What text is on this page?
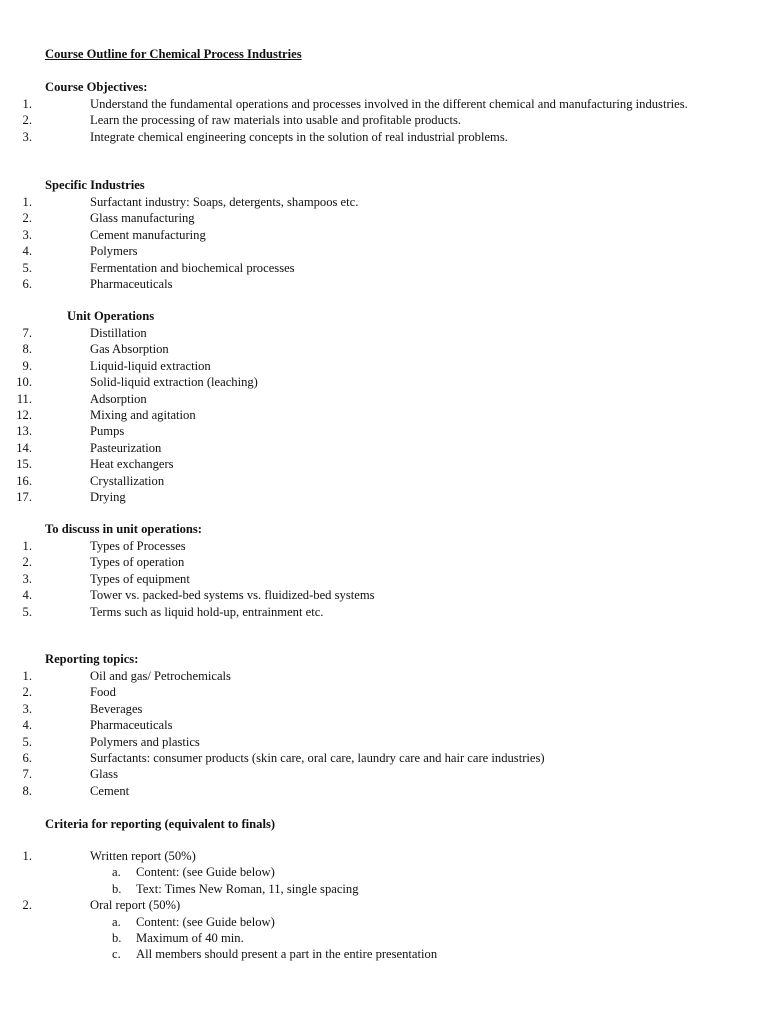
Course Outline for Chemical Process Industries
Course Objectives:
1.	Understand the fundamental operations and processes involved in the different chemical and manufacturing industries.
2.	Learn the processing of raw materials into usable and profitable products.
3.	Integrate chemical engineering concepts in the solution of real industrial problems.
Specific Industries
1.	Surfactant industry: Soaps, detergents, shampoos etc.
2.	Glass manufacturing
3.	Cement manufacturing
4.	Polymers
5.	Fermentation and biochemical processes
6.	Pharmaceuticals
Unit Operations
7.	Distillation
8.	Gas Absorption
9.	Liquid-liquid extraction
10.	Solid-liquid extraction (leaching)
11.	Adsorption
12.	Mixing and agitation
13.	Pumps
14.	Pasteurization
15.	Heat exchangers
16.	Crystallization
17.	Drying
To discuss in unit operations:
1.	Types of Processes
2.	Types of operation
3.	Types of equipment
4.	Tower vs. packed-bed systems vs. fluidized-bed systems
5.	Terms such as liquid hold-up, entrainment etc.
Reporting topics:
1.	Oil and gas/ Petrochemicals
2.	Food
3.	Beverages
4.	Pharmaceuticals
5.	Polymers and plastics
6.	Surfactants: consumer products (skin care, oral care, laundry care and hair care industries)
7.	Glass
8.	Cement
Criteria for reporting (equivalent to finals)
1.	Written report (50%)
a. Content: (see Guide below)
b. Text: Times New Roman, 11, single spacing
2.	Oral report (50%)
a. Content: (see Guide below)
b. Maximum of 40 min.
c. All members should present a part in the entire presentation
